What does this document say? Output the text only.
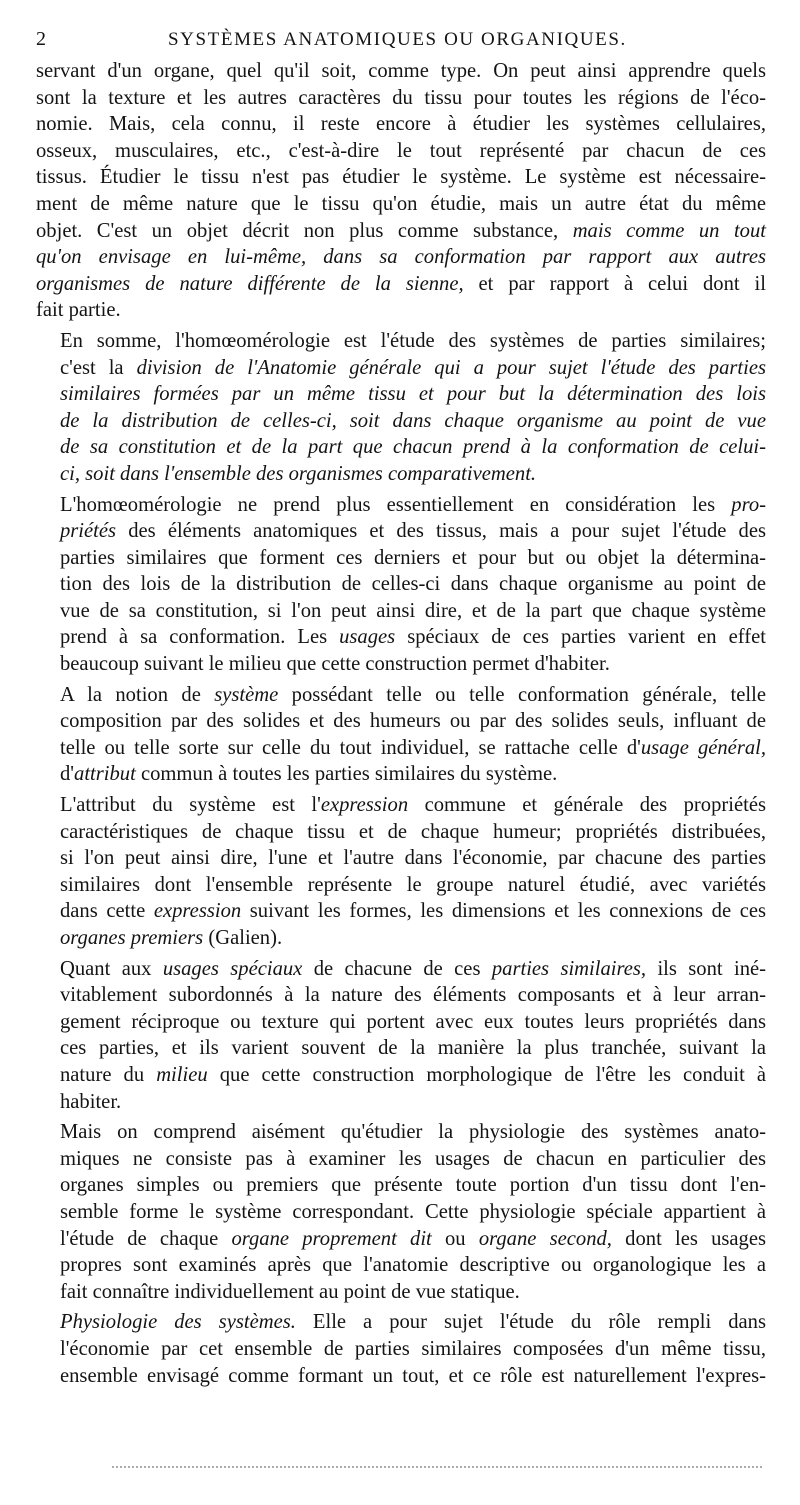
2	SYSTÈMES ANATOMIQUES OU ORGANIQUES.
servant d'un organe, quel qu'il soit, comme type. On peut ainsi apprendre quels
sont la texture et les autres caractères du tissu pour toutes les régions de l'éco-
nomie. Mais, cela connu, il reste encore à étudier les systèmes cellulaires,
osseux, musculaires, etc., c'est-à-dire le tout représenté par chacun de ces
tissus. Étudier le tissu n'est pas étudier le système. Le système est nécessaire-
ment de même nature que le tissu qu'on étudie, mais un autre état du même
objet. C'est un objet décrit non plus comme substance, mais comme un tout
qu'on envisage en lui-même, dans sa conformation par rapport aux autres
organismes de nature différente de la sienne, et par rapport à celui dont il
fait partie.
En somme, l'homœomérologie est l'étude des systèmes de parties similaires;
c'est la division de l'Anatomie générale qui a pour sujet l'étude des parties
similaires formées par un même tissu et pour but la détermination des lois
de la distribution de celles-ci, soit dans chaque organisme au point de vue
de sa constitution et de la part que chacun prend à la conformation de celui-
ci, soit dans l'ensemble des organismes comparativement.
L'homœomérologie ne prend plus essentiellement en considération les pro-
priétés des éléments anatomiques et des tissus, mais a pour sujet l'étude des
parties similaires que forment ces derniers et pour but ou objet la détermina-
tion des lois de la distribution de celles-ci dans chaque organisme au point de
vue de sa constitution, si l'on peut ainsi dire, et de la part que chaque système
prend à sa conformation. Les usages spéciaux de ces parties varient en effet
beaucoup suivant le milieu que cette construction permet d'habiter.
A la notion de système possédant telle ou telle conformation générale, telle
composition par des solides et des humeurs ou par des solides seuls, influant de
telle ou telle sorte sur celle du tout individuel, se rattache celle d'usage général,
d'attribut commun à toutes les parties similaires du système.
L'attribut du système est l'expression commune et générale des propriétés
caractéristiques de chaque tissu et de chaque humeur; propriétés distribuées,
si l'on peut ainsi dire, l'une et l'autre dans l'économie, par chacune des parties
similaires dont l'ensemble représente le groupe naturel étudié, avec variétés
dans cette expression suivant les formes, les dimensions et les connexions de ces
organes premiers (Galien).
Quant aux usages spéciaux de chacune de ces parties similaires, ils sont iné-
vitablement subordonnés à la nature des éléments composants et à leur arran-
gement réciproque ou texture qui portent avec eux toutes leurs propriétés dans
ces parties, et ils varient souvent de la manière la plus tranchée, suivant la
nature du milieu que cette construction morphologique de l'être les conduit à
habiter.
Mais on comprend aisément qu'étudier la physiologie des systèmes anato-
miques ne consiste pas à examiner les usages de chacun en particulier des
organes simples ou premiers que présente toute portion d'un tissu dont l'en-
semble forme le système correspondant. Cette physiologie spéciale appartient à
l'étude de chaque organe proprement dit ou organe second, dont les usages
propres sont examinés après que l'anatomie descriptive ou organologique les a
fait connaître individuellement au point de vue statique.
Physiologie des systèmes. Elle a pour sujet l'étude du rôle rempli dans
l'économie par cet ensemble de parties similaires composées d'un même tissu,
ensemble envisagé comme formant un tout, et ce rôle est naturellement l'expres-
